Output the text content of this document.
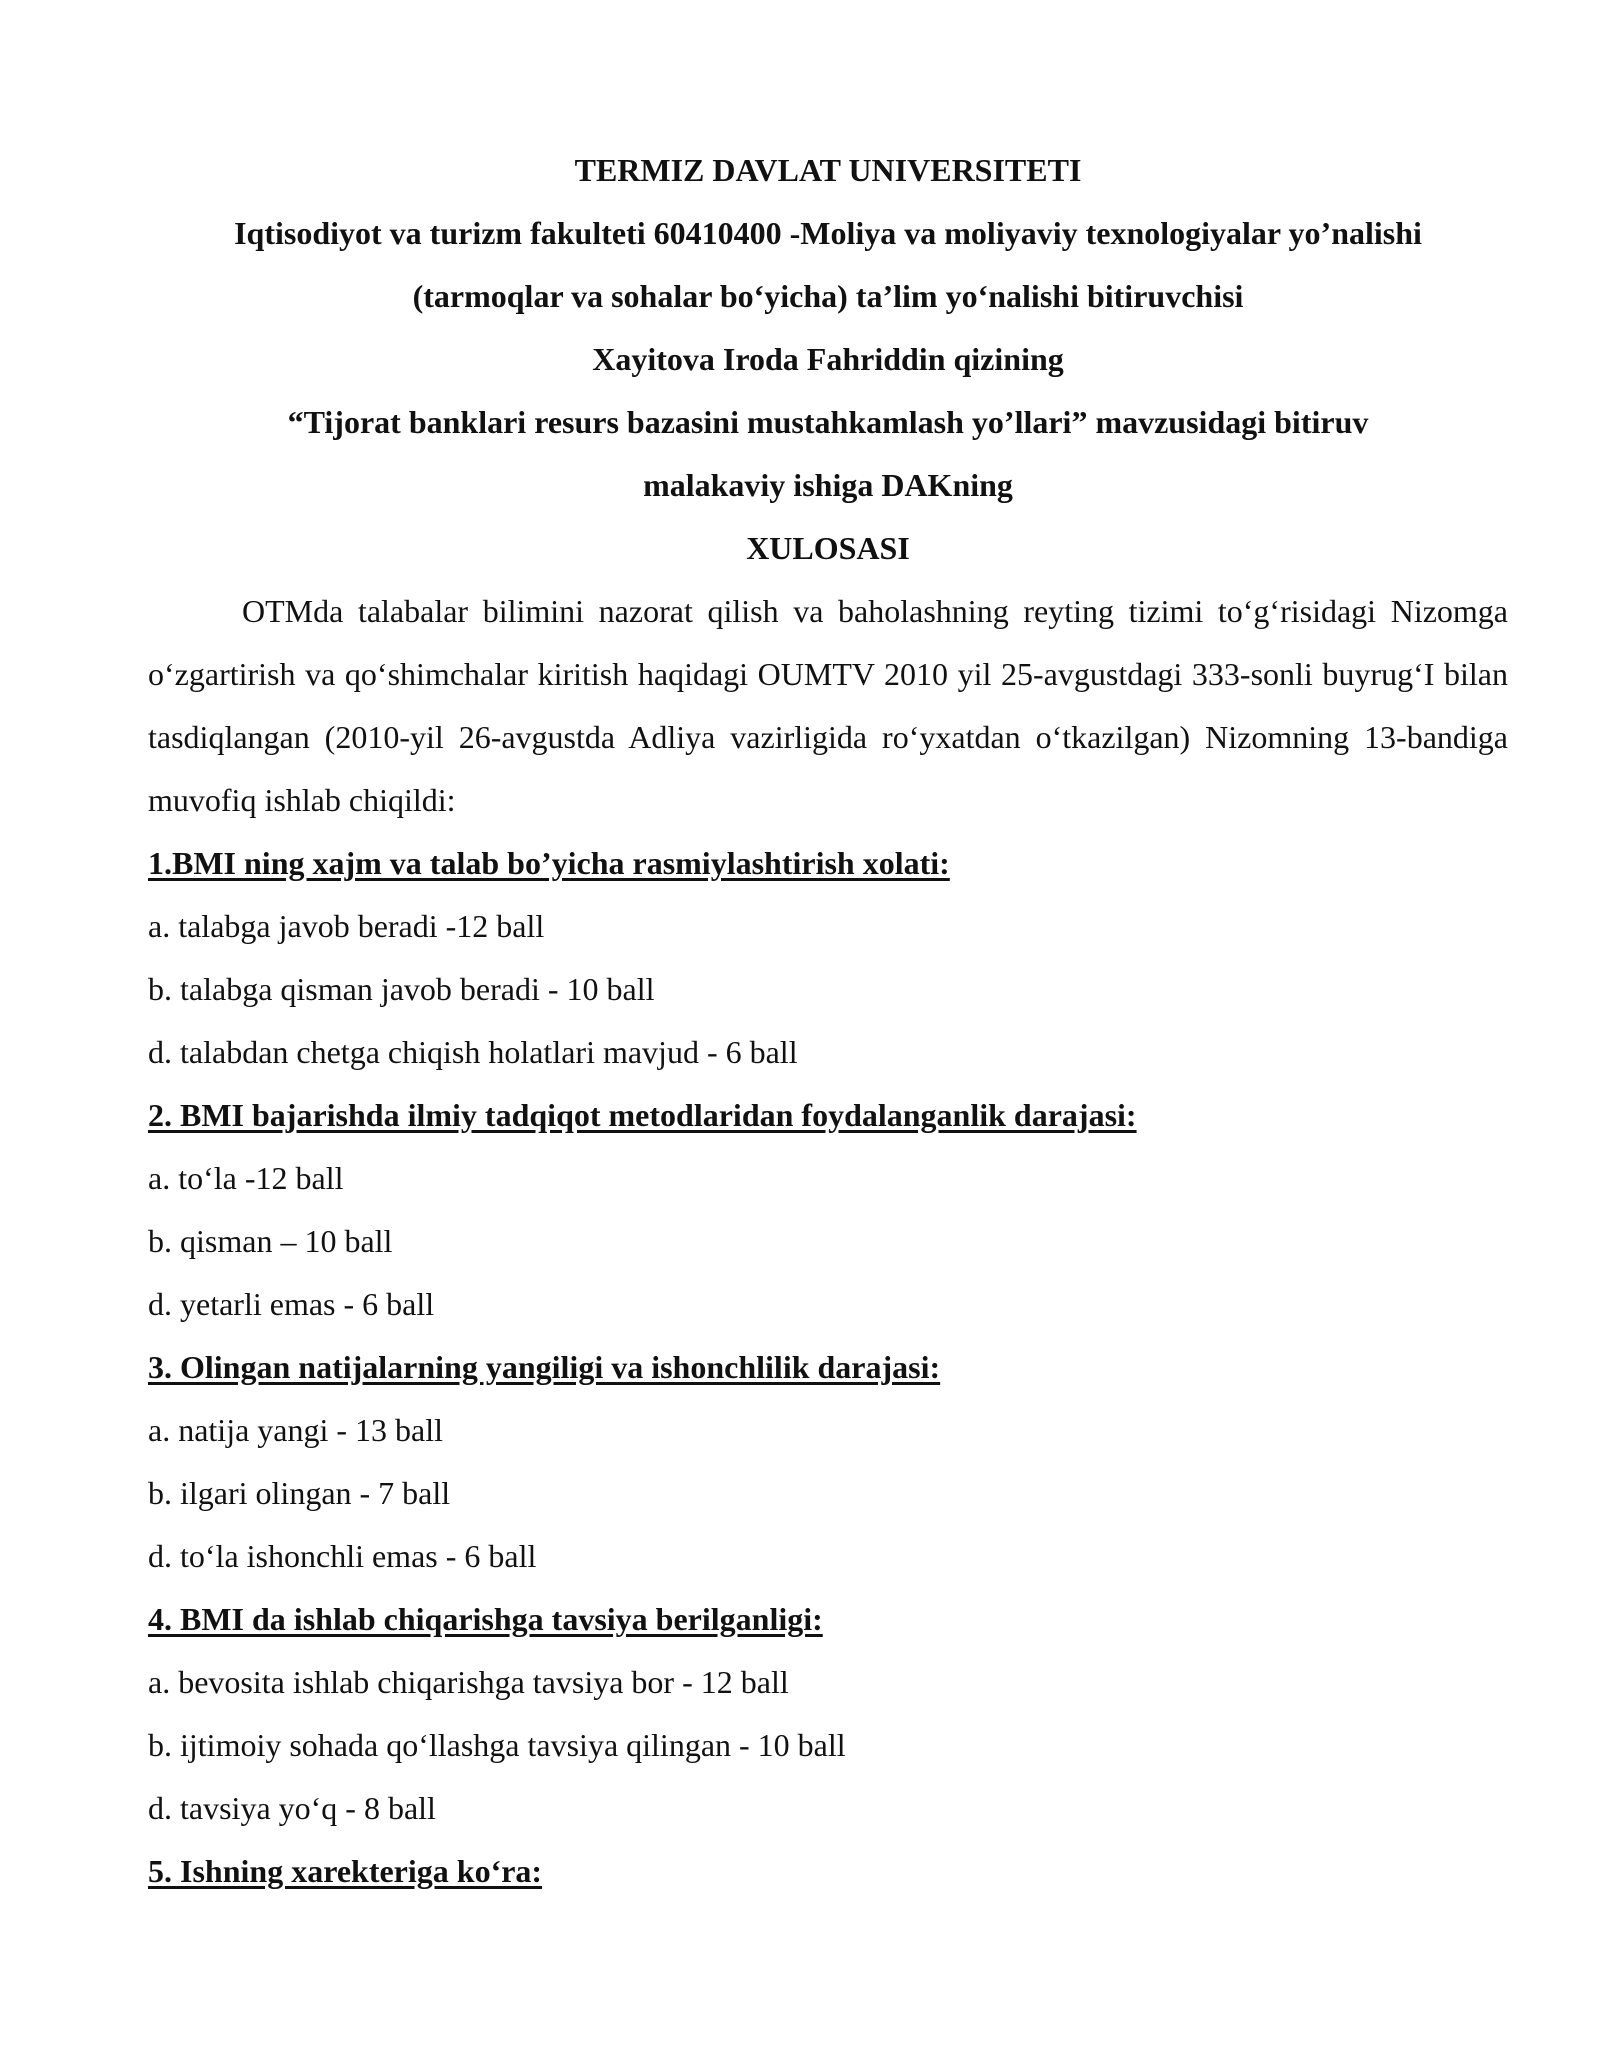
TERMIZ DAVLAT UNIVERSITETI
Iqtisodiyot va turizm fakulteti 60410400 -Moliya va moliyaviy texnologiyalar yo’nalishi
(tarmoqlar va sohalar bo‘yicha) ta’lim yo‘nalishi bitiruvchisi
Xayitova Iroda Fahriddin qizining
“Tijorat banklari resurs bazasini mustahkamlash yo’llari” mavzusidagi bitiruv
malakaviy ishiga DAKning
XULOSASI

OTMda talabalar bilimini nazorat qilish va baholashning reyting tizimi to‘g‘risidagi Nizomga o‘zgartirish va qo‘shimchalar kiritish haqidagi OUMTV 2010 yil 25-avgustdagi 333-sonli buyrug‘I bilan tasdiqlangan (2010-yil 26-avgustda Adliya vazirligida ro‘yxatdan o‘tkazilgan) Nizomning 13-bandiga muvofiq ishlab chiqildi:

1.BMI ning xajm va talab bo’yicha rasmiylashtirish xolati:
a. talabga javob beradi -12 ball
b. talabga qisman javob beradi - 10 ball
d. talabdan chetga chiqish holatlari mavjud - 6 ball
2. BMI bajarishda ilmiy tadqiqot metodlaridan foydalanganlik darajasi:
a. to‘la -12 ball
b. qisman – 10 ball
d. yetarli emas - 6 ball
3. Olingan natijalarning yangiligi va ishonchlilik darajasi:
a. natija yangi - 13 ball
b. ilgari olingan - 7 ball
d. to‘la ishonchli emas - 6 ball
4. BMI da ishlab chiqarishga tavsiya berilganligi:
a. bevosita ishlab chiqarishga tavsiya bor - 12 ball
b. ijtimoiy sohada qo‘llashga tavsiya qilingan - 10 ball
d. tavsiya yo‘q - 8 ball
5. Ishning xarekteriga ko‘ra:
